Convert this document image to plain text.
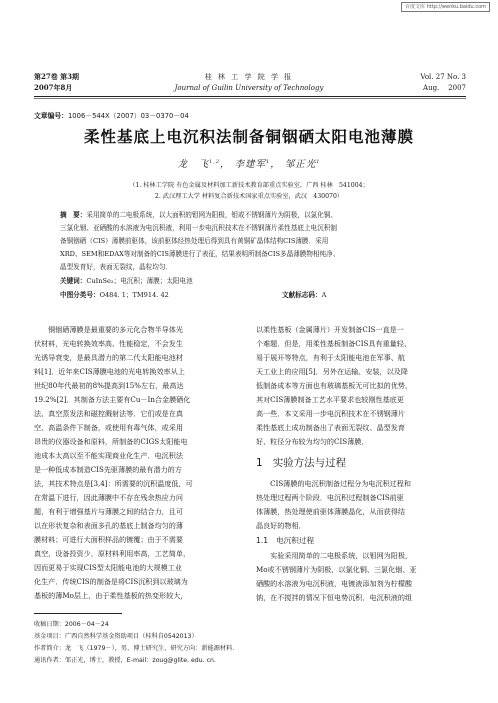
百度文库 http://wenku.baidu.com
第27卷 第3期
2007年8月
桂 林 工 学 院 学 报
Journal of Guilin University of Technology
Vol. 27 No. 3
Aug.    2007
文章编号：1006－544X（2007）03－0370－04
柔性基底上电沉积法制备铜铟硒太阳电池薄膜
龙　飞$^{1,2}$， 李建军$^1$， 邹正光$^1$
（1. 桂林工学院 有色金属及材料加工新技术教育部重点实验室，广西 桂林　541004；
2. 武汉理工大学 材料复合新技术国家重点实验室，武汉　430070）
摘　要：采用简单的二电极系统，以大面积的钼网为阳极，钼或不锈钢薄片为阴极，以氯化铜、
三氯化铟、亚硒酸的水溶液为电沉积液，利用一步电沉积技术在不锈钢薄片柔性基底上电沉积制
备铜铟硒（CIS）薄膜前驱体，该前驱体经热处理后得到具有黄铜矿晶体结构CIS薄膜．采用
XRD、SEM和EDAX等对制备的CIS薄膜进行了表征，结果表明所制备CIS多晶薄膜物相纯净、
晶型发育好，表面无裂纹，晶粒均匀．
关键词：CuInSe₂；电沉积；薄膜；太阳电池
中图分类号：O484. 1；TM914. 42	文献标志码：A
　　铜铟硒薄膜是最重要的多元化合物半导体光
伏材料，光电转换效率高、性能稳定，不会发生
光诱导衰变，是最具潜力的第二代太阳能电池材
料[1]．近年来CIS薄膜电池的光电转换效率从上
世纪80年代最初的8%提高到15%左右，最高达
19.2%[2]．其制备方法主要有Cu－In合金膜硒化
法、真空蒸发法和磁控溅射法等．它们或是在真
空、高温条件下制备，或使用有毒气体，或采用
昂贵的仪器设备和原料，所制备的CIGS太阳能电
池成本太高以至不能实现商业化生产．电沉积法
是一种低成本制造CIS先驱薄膜的最有潜力的方
法，其技术特点是[3,4]：所需要的沉积温度低，可
在常温下进行，因此薄膜中不存在残余热应力问
题，有利于增强基片与薄膜之间的结合力，且可
以在形状复杂和表面多孔的基底上制备均匀的薄
膜材料；可进行大面积样品的镀覆；由于不需要
真空，设备投资少，原材料利用率高，工艺简单，
因而更易于实现CIS型太阳能电池的大规模工业
化生产．传统CIS的制备是将CIS沉积到以玻璃为
基板的薄Mo层上，由于柔性基板的热变形较大，
以柔性基板（金属薄片）开发制备CIS一直是一
个难题．但是，用柔性基板制备CIS具有重量轻、
易于展开等特点，有利于太阳能电池在军事、航
天工业上的应用[5]．另外在运输、安装，以及降
低制备成本等方面也有玻璃基板无可比拟的优势，
其对CIS薄膜制备工艺水平要求也较刚性基底更
高一些．本文采用一步电沉积技术在不锈钢薄片
柔性基底上成功制备出了表面无裂纹、晶型发育
好、粒径分布较为均匀的CIS薄膜．
1 实验方法与过程
　　CIS薄膜的电沉积制备过程分为电沉积过程和
热处理过程两个阶段．电沉积过程制备CIS前驱
体薄膜，热处理使前驱体薄膜晶化，从而获得结
晶良好的物相．
1.1 电沉积过程
　　实验采用简单的二电极系统，以钼网为阳极，
Mo或不锈钢薄片为阴极，以氯化铜、三氯化铟、亚
硒酸的水溶液为电沉积液，电镀液添加剂为柠檬酸
钠，在不搅拌的情况下恒电势沉积．电沉积液的组
收稿日期：2006－04－24
基金项目：广西自然科学基金资助项目（桂科自0542013）
作者简介：龙　飞（1979－），男，博士研究生，研究方向：新能源材料．
通讯作者：邹正光，博士，教授，E-mail：zoug@glite. edu. cn.
